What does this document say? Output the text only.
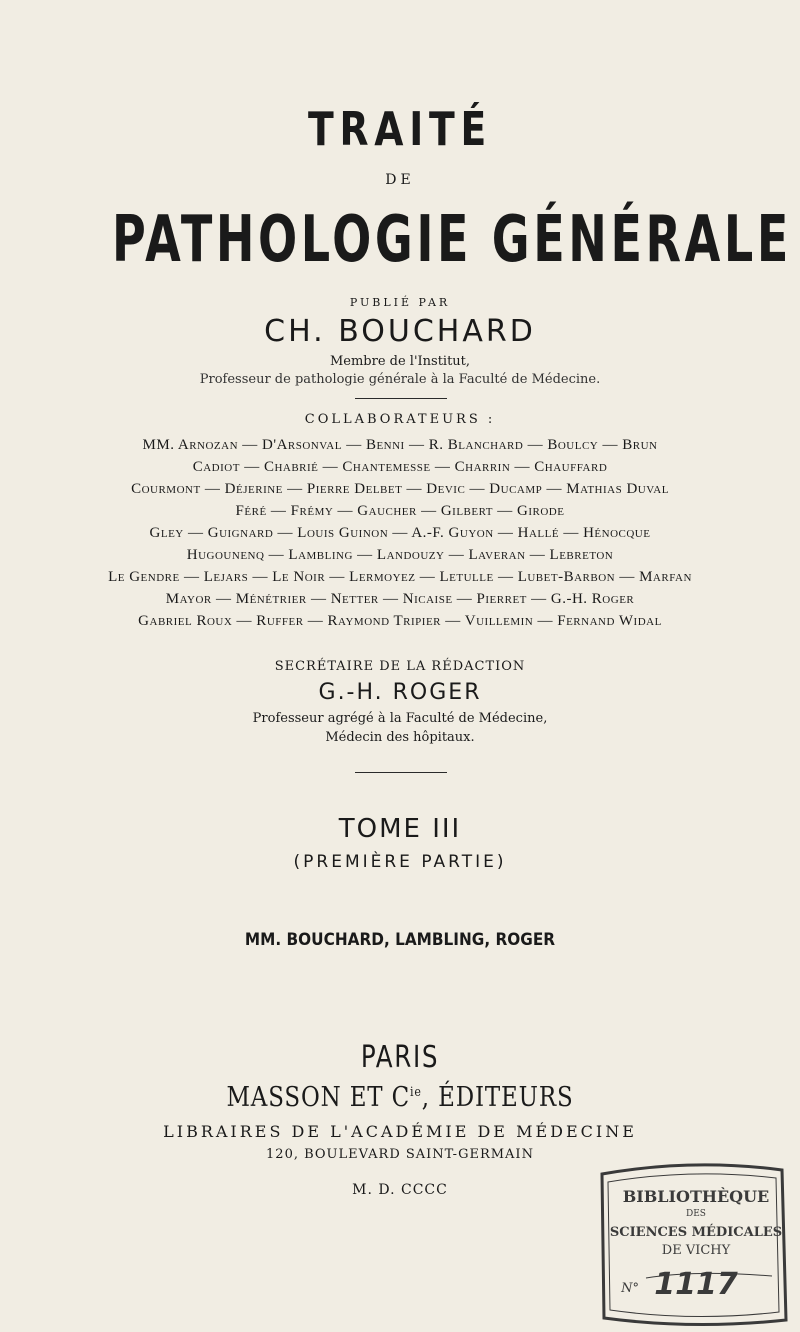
TRAITÉ
DE
PATHOLOGIE GÉNÉRALE
PUBLIÉ PAR
CH. BOUCHARD
Membre de l'Institut,
Professeur de pathologie générale à la Faculté de Médecine.
COLLABORATEURS :
MM. Arnozan — D'Arsonval — Benni — R. Blanchard — Boulcy — Brun
Cadiot — Chabrié — Chantemesse — Charrin — Chauffard
Courmont — Déjerine — Pierre Delbet — Devic — Ducamp — Mathias Duval
Féré — Frémy — Gaucher — Gilbert — Girode
Gley — Guignard — Louis Guinon — A.-F. Guyon — Hallé — Hénocque
Hugounenq — Lambling — Landouzy — Laveran — Lebreton
Le Gendre — Lejars — Le Noir — Lermoyez — Letulle — Lubet-Barbon — Marfan
Mayor — Ménétrier — Netter — Nicaise — Pierret — G.-H. Roger
Gabriel Roux — Ruffer — Raymond Tripier — Vuillemin — Fernand Widal
SECRÉTAIRE DE LA RÉDACTION
G.-H. ROGER
Professeur agrégé à la Faculté de Médecine,
Médecin des hôpitaux.
TOME III
(PREMIÈRE PARTIE)
MM. BOUCHARD, LAMBLING, ROGER
PARIS
MASSON ET $C^{ie}$, ÉDITEURS
LIBRAIRES DE L'ACADÉMIE DE MÉDECINE
120, BOULEVARD SAINT-GERMAIN
M. D. CCCC	BIBLIOTHÈQUE
DES
SCIENCES MÉDICALES
DE VICHY
N° 1117
